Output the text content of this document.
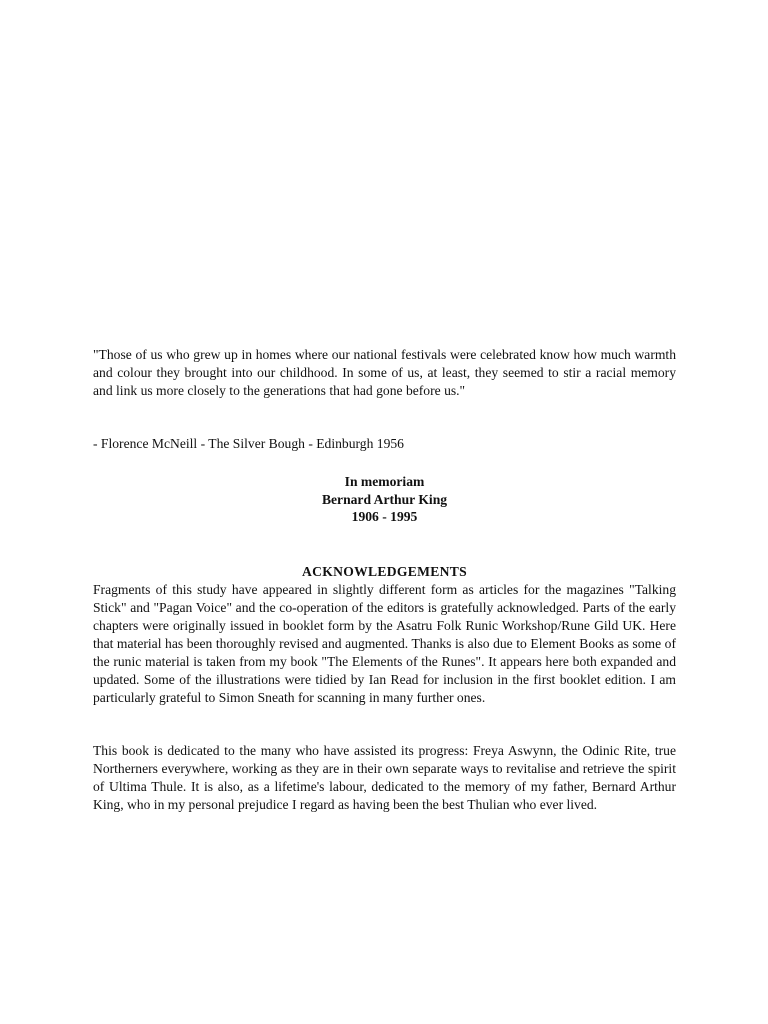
"Those of us who grew up in homes where our national festivals were celebrated know how much warmth and colour they brought into our childhood. In some of us, at least, they seemed to stir a racial memory and link us more closely to the generations that had gone before us."

- Florence McNeill - The Silver Bough - Edinburgh 1956

In memoriam
Bernard Arthur King
1906 - 1995
ACKNOWLEDGEMENTS

Fragments of this study have appeared in slightly different form as articles for the magazines "Talking Stick" and "Pagan Voice" and the co-operation of the editors is gratefully acknowledged. Parts of the early chapters were originally issued in booklet form by the Asatru Folk Runic Workshop/Rune Gild UK. Here that material has been thoroughly revised and augmented. Thanks is also due to Element Books as some of the runic material is taken from my book "The Elements of the Runes". It appears here both expanded and updated. Some of the illustrations were tidied by Ian Read for inclusion in the first booklet edition. I am particularly grateful to Simon Sneath for scanning in many further ones.

This book is dedicated to the many who have assisted its progress: Freya Aswynn, the Odinic Rite, true Northerners everywhere, working as they are in their own separate ways to revitalise and retrieve the spirit of Ultima Thule. It is also, as a lifetime's labour, dedicated to the memory of my father, Bernard Arthur King, who in my personal prejudice I regard as having been the best Thulian who ever lived.
